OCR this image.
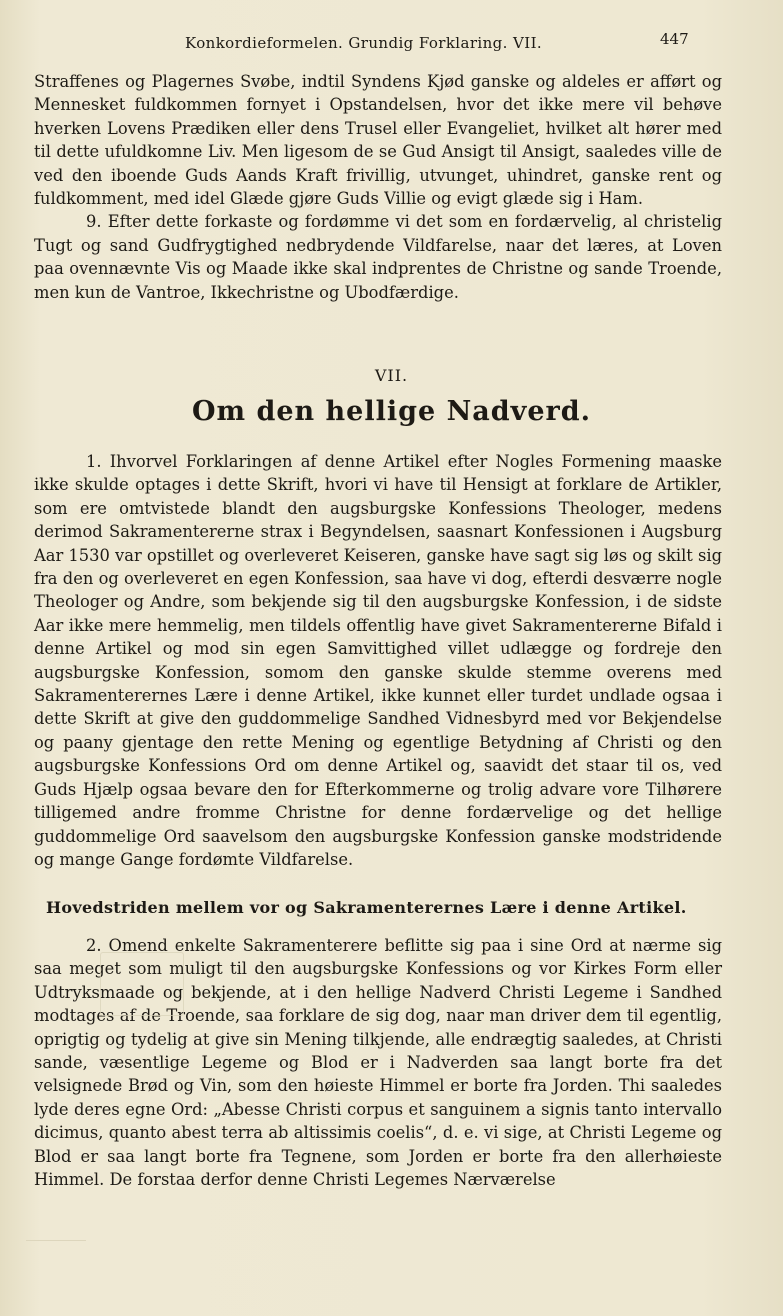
Konkordieformelen. Grundig Forklaring. VII.	447

Straffenes og Plagernes Svøbe, indtil Syndens Kjød ganske og aldeles er afført og Mennesket fuldkommen fornyet i Opstandelsen, hvor det ikke mere vil behøve hverken Lovens Prædiken eller dens Trusel eller Evangeliet, hvilket alt hører med til dette ufuldkomne Liv. Men ligesom de se Gud Ansigt til Ansigt, saaledes ville de ved den iboende Guds Aands Kraft frivillig, utvunget, uhindret, ganske rent og fuldkomment, med idel Glæde gjøre Guds Villie og evigt glæde sig i Ham.

9. Efter dette forkaste og fordømme vi det som en fordærvelig, al christelig Tugt og sand Gudfrygtighed nedbrydende Vildfarelse, naar det læres, at Loven paa ovennævnte Vis og Maade ikke skal indprentes de Christne og sande Troende, men kun de Vantroe, Ikkechristne og Ubodfærdige.

VII.
Om den hellige Nadverd.

1. Ihvorvel Forklaringen af denne Artikel efter Nogles Formening maaske ikke skulde optages i dette Skrift, hvori vi have til Hensigt at forklare de Artikler, som ere omtvistede blandt den augsburgske Konfessions Theologer, medens derimod Sakramentererne strax i Begyndelsen, saasnart Konfessionen i Augsburg Aar 1530 var opstillet og overleveret Keiseren, ganske have sagt sig løs og skilt sig fra den og overleveret en egen Konfession, saa have vi dog, efterdi desværre nogle Theologer og Andre, som bekjende sig til den augsburgske Konfession, i de sidste Aar ikke mere hemmelig, men tildels offentlig have givet Sakramentererne Bifald i denne Artikel og mod sin egen Samvittighed villet udlægge og fordreje den augsburgske Konfession, somom den ganske skulde stemme overens med Sakramenterernes Lære i denne Artikel, ikke kunnet eller turdet undlade ogsaa i dette Skrift at give den guddommelige Sandhed Vidnesbyrd med vor Bekjendelse og paany gjentage den rette Mening og egentlige Betydning af Christi og den augsburgske Konfessions Ord om denne Artikel og, saavidt det staar til os, ved Guds Hjælp ogsaa bevare den for Efterkommerne og trolig advare vore Tilhørere tilligemed andre fromme Christne for denne fordærvelige og det hellige guddommelige Ord saavelsom den augsburgske Konfession ganske modstridende og mange Gange fordømte Vildfarelse.

Hovedstriden mellem vor og Sakramenterernes Lære i denne Artikel.

2. Omend enkelte Sakramenterere beflitte sig paa i sine Ord at nærme sig saa meget som muligt til den augsburgske Konfessions og vor Kirkes Form eller Udtryksmaade og bekjende, at i den hellige Nadverd Christi Legeme i Sandhed modtages af de Troende, saa forklare de sig dog, naar man driver dem til egentlig, oprigtig og tydelig at give sin Mening tilkjende, alle endrægtig saaledes, at Christi sande, væsentlige Legeme og Blod er i Nadverden saa langt borte fra det velsignede Brød og Vin, som den høieste Himmel er borte fra Jorden. Thi saaledes lyde deres egne Ord: „Abesse Christi corpus et sanguinem a signis tanto intervallo dicimus, quanto abest terra ab altissimis coelis“, d. e. vi sige, at Christi Legeme og Blod er saa langt borte fra Tegnene, som Jorden er borte fra den allerhøieste Himmel. De forstaa derfor denne Christi Legemes Nærværelse
